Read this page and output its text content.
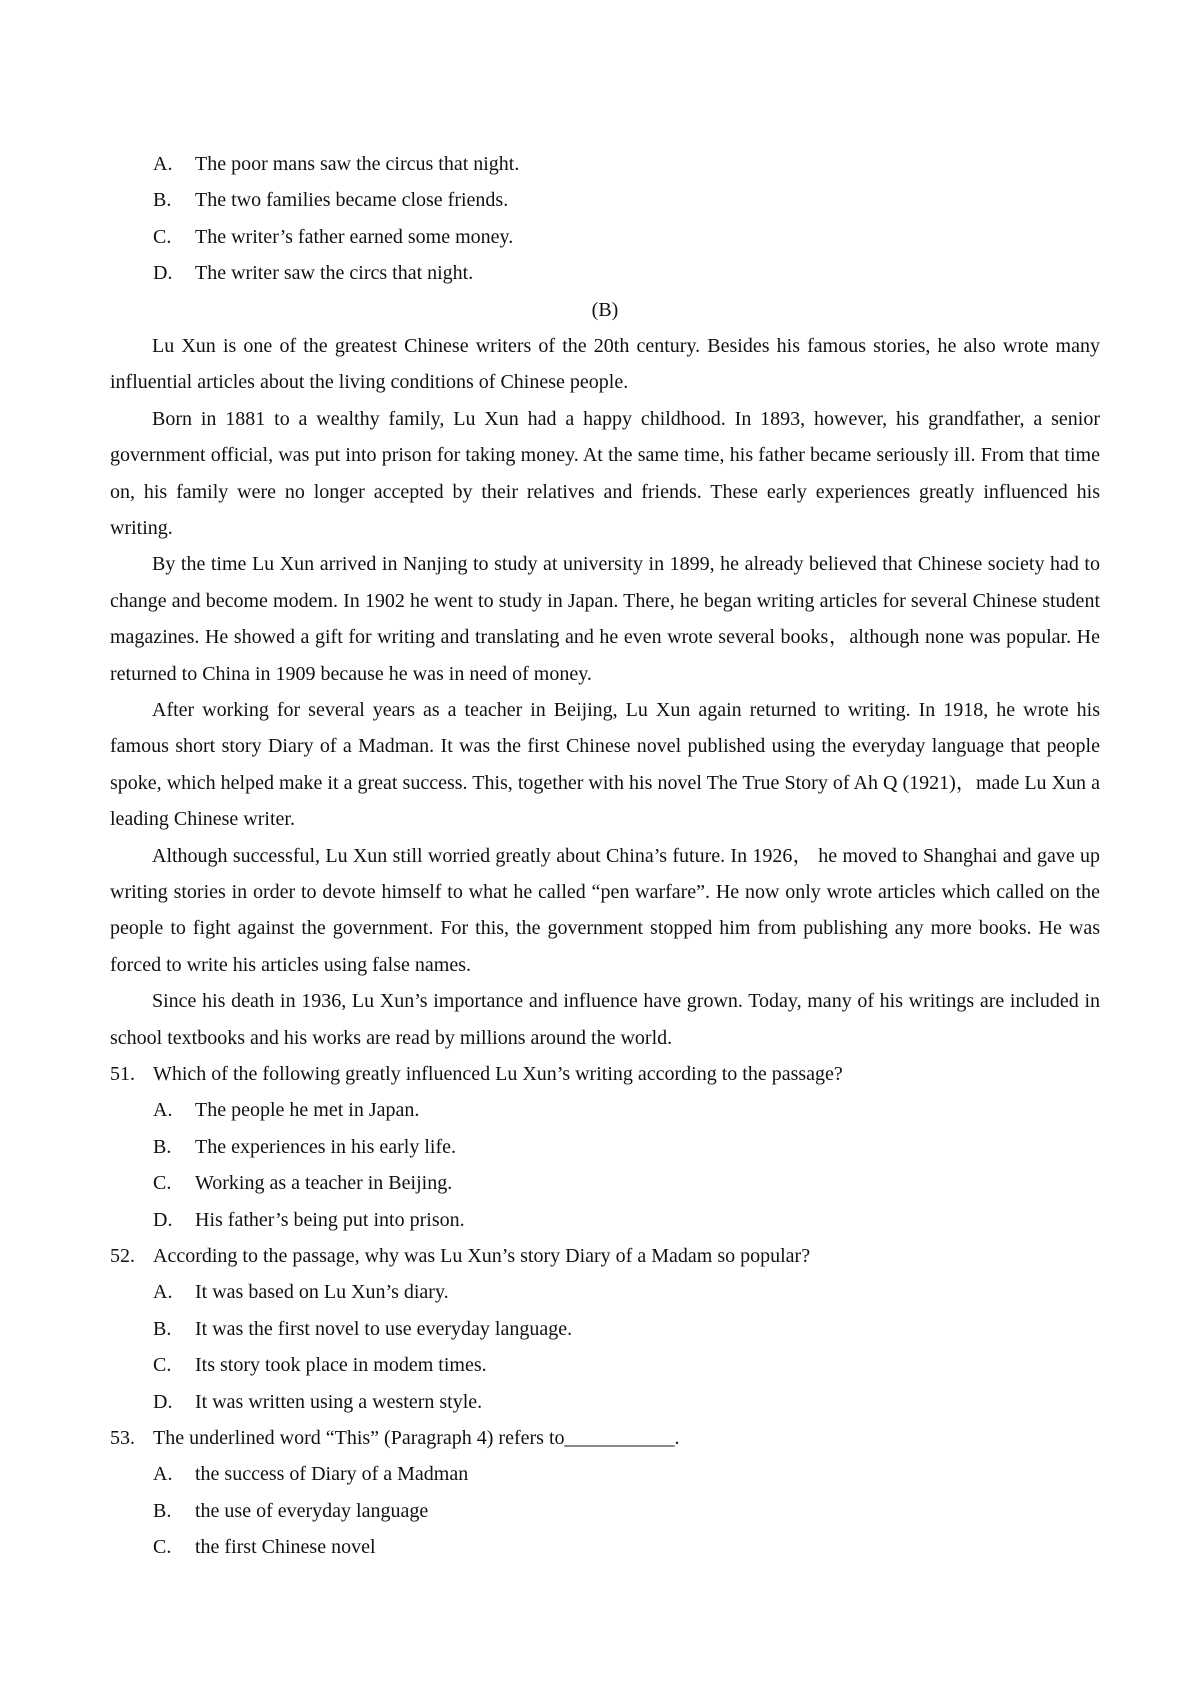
A.	The poor mans saw the circus that night.
B.	The two families became close friends.
C.	The writer’s father earned some money.
D.	The writer saw the circs that night.
(B)

Lu Xun is one of the greatest Chinese writers of the 20th century. Besides his famous stories, he also wrote many influential articles about the living conditions of Chinese people.

Born in 1881 to a wealthy family, Lu Xun had a happy childhood. In 1893, however, his grandfather, a senior government official, was put into prison for taking money. At the same time, his father became seriously ill. From that time on, his family were no longer accepted by their relatives and friends. These early experiences greatly influenced his writing.

By the time Lu Xun arrived in Nanjing to study at university in 1899, he already believed that Chinese society had to change and become modem. In 1902 he went to study in Japan. There, he began writing articles for several Chinese student magazines. He showed a gift for writing and translating and he even wrote several books，although none was popular. He returned to China in 1909 because he was in need of money.

After working for several years as a teacher in Beijing, Lu Xun again returned to writing. In 1918, he wrote his famous short story Diary of a Madman. It was the first Chinese novel published using the everyday language that people spoke, which helped make it a great success. This, together with his novel The True Story of Ah Q (1921)，made Lu Xun a leading Chinese writer.

Although successful, Lu Xun still worried greatly about China’s future. In 1926， he moved to Shanghai and gave up writing stories in order to devote himself to what he called “pen warfare”. He now only wrote articles which called on the people to fight against the government. For this, the government stopped him from publishing any more books. He was forced to write his articles using false names.

Since his death in 1936, Lu Xun’s importance and influence have grown. Today, many of his writings are included in school textbooks and his works are read by millions around the world.

51. Which of the following greatly influenced Lu Xun’s writing according to the passage?
A.	The people he met in Japan.
B.	The experiences in his early life.
C.	Working as a teacher in Beijing.
D.	His father’s being put into prison.
52. According to the passage, why was Lu Xun’s story Diary of a Madam so popular?
A.	It was based on Lu Xun’s diary.
B.	It was the first novel to use everyday language.
C.	Its story took place in modem times.
D.	It was written using a western style.
53. The underlined word “This” (Paragraph 4) refers to___________.
A.	the success of Diary of a Madman
B.	the use of everyday language
C.	the first Chinese novel
